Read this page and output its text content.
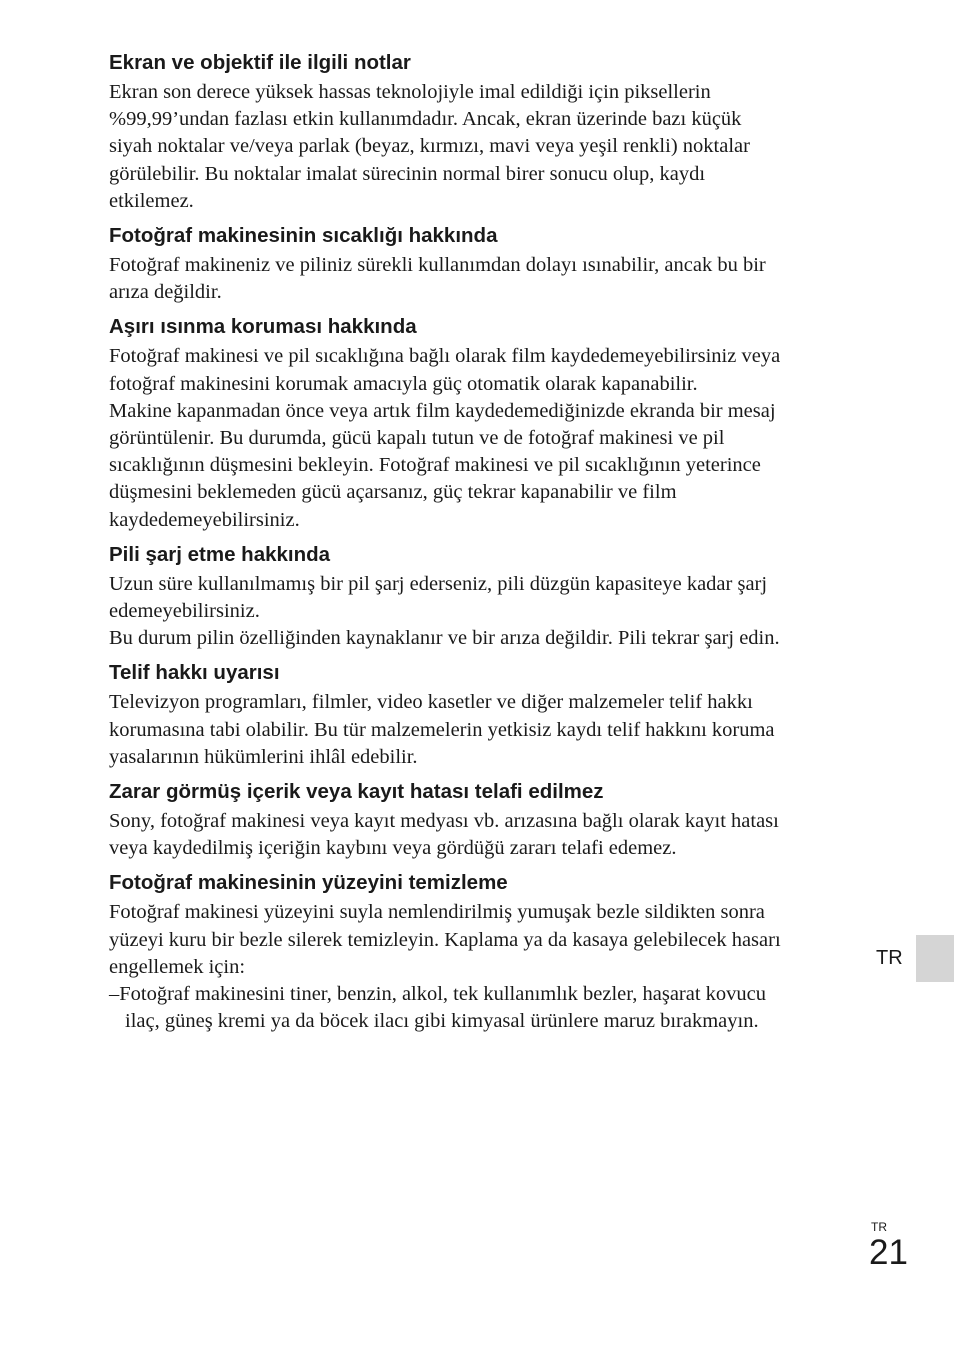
Ekran ve objektif ile ilgili notlar

Ekran son derece yüksek hassas teknolojiyle imal edildiği için piksellerin
%99,99’undan fazlası etkin kullanımdadır. Ancak, ekran üzerinde bazı küçük
siyah noktalar ve/veya parlak (beyaz, kırmızı, mavi veya yeşil renkli) noktalar
görülebilir. Bu noktalar imalat sürecinin normal birer sonucu olup, kaydı
etkilemez.

Fotoğraf makinesinin sıcaklığı hakkında

Fotoğraf makineniz ve piliniz sürekli kullanımdan dolayı ısınabilir, ancak bu bir
arıza değildir.

Aşırı ısınma koruması hakkında

Fotoğraf makinesi ve pil sıcaklığına bağlı olarak film kaydedemeyebilirsiniz veya
fotoğraf makinesini korumak amacıyla güç otomatik olarak kapanabilir.
Makine kapanmadan önce veya artık film kaydedemediğinizde ekranda bir mesaj
görüntülenir. Bu durumda, gücü kapalı tutun ve de fotoğraf makinesi ve pil
sıcaklığının düşmesini bekleyin. Fotoğraf makinesi ve pil sıcaklığının yeterince
düşmesini beklemeden gücü açarsanız, güç tekrar kapanabilir ve film
kaydedemeyebilirsiniz.

Pili şarj etme hakkında

Uzun süre kullanılmamış bir pil şarj ederseniz, pili düzgün kapasiteye kadar şarj
edemeyebilirsiniz.
Bu durum pilin özelliğinden kaynaklanır ve bir arıza değildir. Pili tekrar şarj edin.

Telif hakkı uyarısı

Televizyon programları, filmler, video kasetler ve diğer malzemeler telif hakkı
korumasına tabi olabilir. Bu tür malzemelerin yetkisiz kaydı telif hakkını koruma
yasalarının hükümlerini ihlâl edebilir.

Zarar görmüş içerik veya kayıt hatası telafi edilmez

Sony, fotoğraf makinesi veya kayıt medyası vb. arızasına bağlı olarak kayıt hatası
veya kaydedilmiş içeriğin kaybını veya gördüğü zararı telafi edemez.

Fotoğraf makinesinin yüzeyini temizleme

Fotoğraf makinesi yüzeyini suyla nemlendirilmiş yumuşak bezle sildikten sonra
yüzeyi kuru bir bezle silerek temizleyin. Kaplama ya da kasaya gelebilecek hasarı
engellemek için:
–Fotoğraf makinesini tiner, benzin, alkol, tek kullanımlık bezler, haşarat kovucu
ilaç, güneş kremi ya da böcek ilacı gibi kimyasal ürünlere maruz bırakmayın.

TR
TR
21
